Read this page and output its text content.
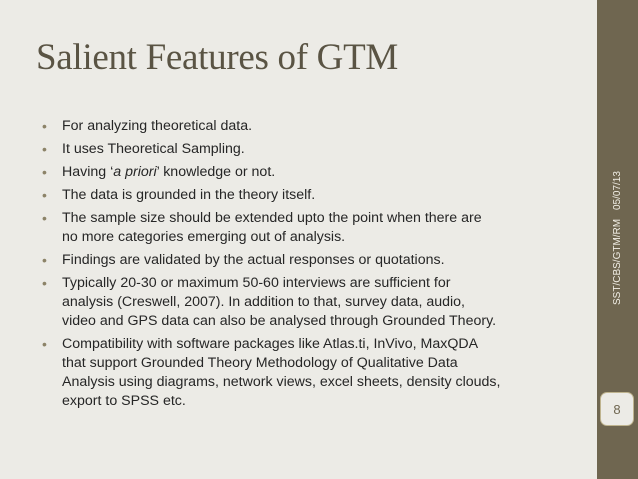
Salient Features of GTM
• For analyzing theoretical data.
• It uses Theoretical Sampling.
• Having ‘a priori’ knowledge or not.
• The data is grounded in the theory itself.
• The sample size should be extended upto the point when there are
no more categories emerging out of analysis.
• Findings are validated by the actual responses or quotations.
• Typically 20-30 or maximum 50-60 interviews are sufficient for
analysis (Creswell, 2007). In addition to that, survey data, audio,
video and GPS data can also be analysed through Grounded Theory.
• Compatibility with software packages like Atlas.ti, InVivo, MaxQDA
that support Grounded Theory Methodology of Qualitative Data
Analysis using diagrams, network views, excel sheets, density clouds,
export to SPSS etc.
05/07/13
SST/CBS/GTM/RM
8
